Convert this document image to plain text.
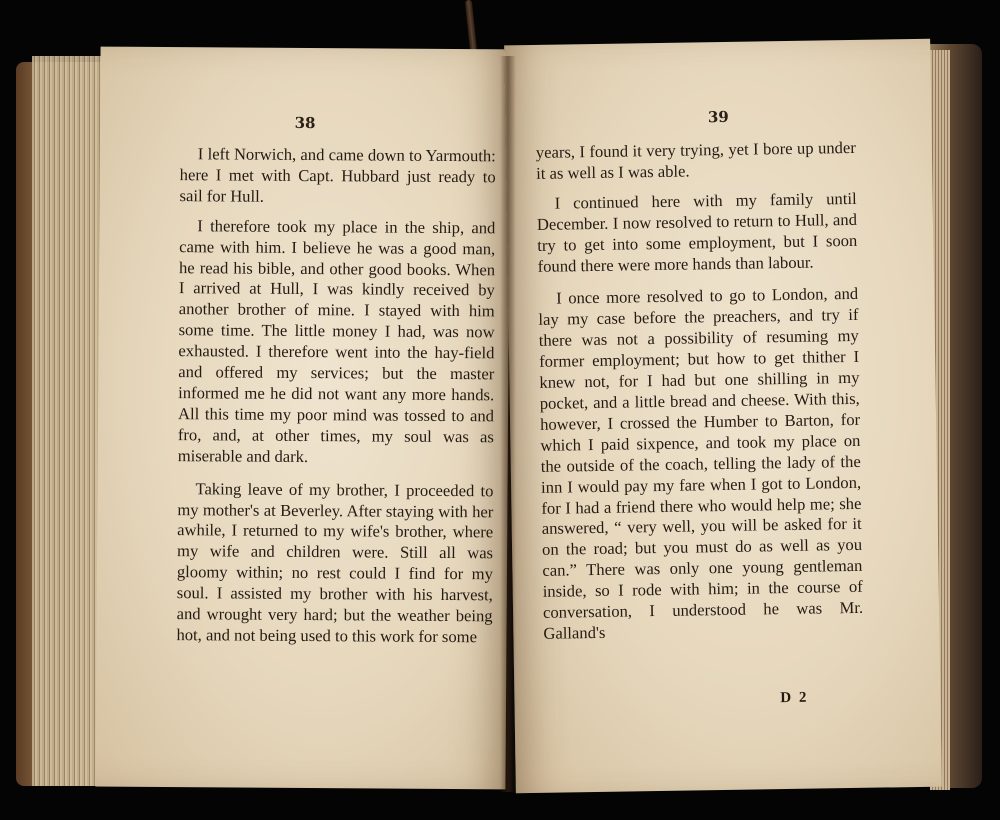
38

I left Norwich, and came down to Yarmouth: here I met with Capt. Hubbard just ready to sail for Hull.

I therefore took my place in the ship, and came with him. I believe he was a good man, he read his bible, and other good books. When I arrived at Hull, I was kindly received by another brother of mine. I stayed with him some time. The little money I had, was now exhausted. I therefore went into the hay-field and offered my services; but the master informed me he did not want any more hands. All this time my poor mind was tossed to and fro, and, at other times, my soul was as miserable and dark.

Taking leave of my brother, I proceeded to my mother's at Beverley. After staying with her awhile, I returned to my wife's brother, where my wife and children were. Still all was gloomy within; no rest could I find for my soul. I assisted my brother with his harvest, and wrought very hard; but the weather being hot, and not being used to this work for some

39

years, I found it very trying, yet I bore up under it as well as I was able.

I continued here with my family until December. I now resolved to return to Hull, and try to get into some employment, but I soon found there were more hands than labour.

I once more resolved to go to London, and lay my case before the preachers, and try if there was not a possibility of resuming my former employment; but how to get thither I knew not, for I had but one shilling in my pocket, and a little bread and cheese. With this, however, I crossed the Humber to Barton, for which I paid sixpence, and took my place on the outside of the coach, telling the lady of the inn I would pay my fare when I got to London, for I had a friend there who would help me; she answered, “ very well, you will be asked for it on the road; but you must do as well as you can.” There was only one young gentleman inside, so I rode with him; in the course of conversation, I understood he was Mr. Galland's

D 2
